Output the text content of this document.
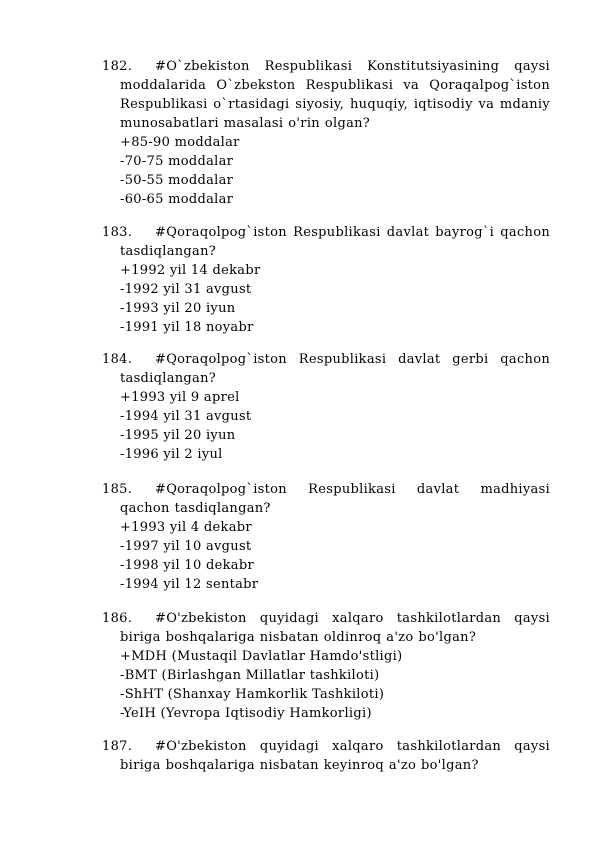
182. #O`zbekiston Respublikasi Konstitutsiyasining qaysi moddalarida O`zbekston Respublikasi va Qoraqalpog`iston Respublikasi o`rtasidagi siyosiy, huquqiy, iqtisodiy va mdaniy munosabatlari masalasi o'rin olgan?
+85-90 moddalar
-70-75 moddalar
-50-55 moddalar
-60-65 moddalar
183. #Qoraqolpog`iston Respublikasi davlat bayrog`i qachon tasdiqlangan?
+1992 yil 14 dekabr
-1992 yil 31 avgust
-1993 yil 20 iyun
-1991 yil 18 noyabr
184. #Qoraqolpog`iston Respublikasi davlat gerbi qachon tasdiqlangan?
+1993 yil 9 aprel
-1994 yil 31 avgust
-1995 yil 20 iyun
-1996 yil 2 iyul
185. #Qoraqolpog`iston Respublikasi davlat madhiyasi qachon tasdiqlangan?
+1993 yil 4 dekabr
-1997 yil 10 avgust
-1998 yil 10 dekabr
-1994 yil 12 sentabr
186. #O'zbekiston quyidagi xalqaro tashkilotlardan qaysi biriga boshqalariga nisbatan oldinroq a'zo bo'lgan?
+MDH (Mustaqil Davlatlar Hamdo'stligi)
-BMT (Birlashgan Millatlar tashkiloti)
-ShHT (Shanxay Hamkorlik Tashkiloti)
-YeIH (Yevropa Iqtisodiy Hamkorligi)
187. #O'zbekiston quyidagi xalqaro tashkilotlardan qaysi biriga boshqalariga nisbatan keyinroq a'zo bo'lgan?
